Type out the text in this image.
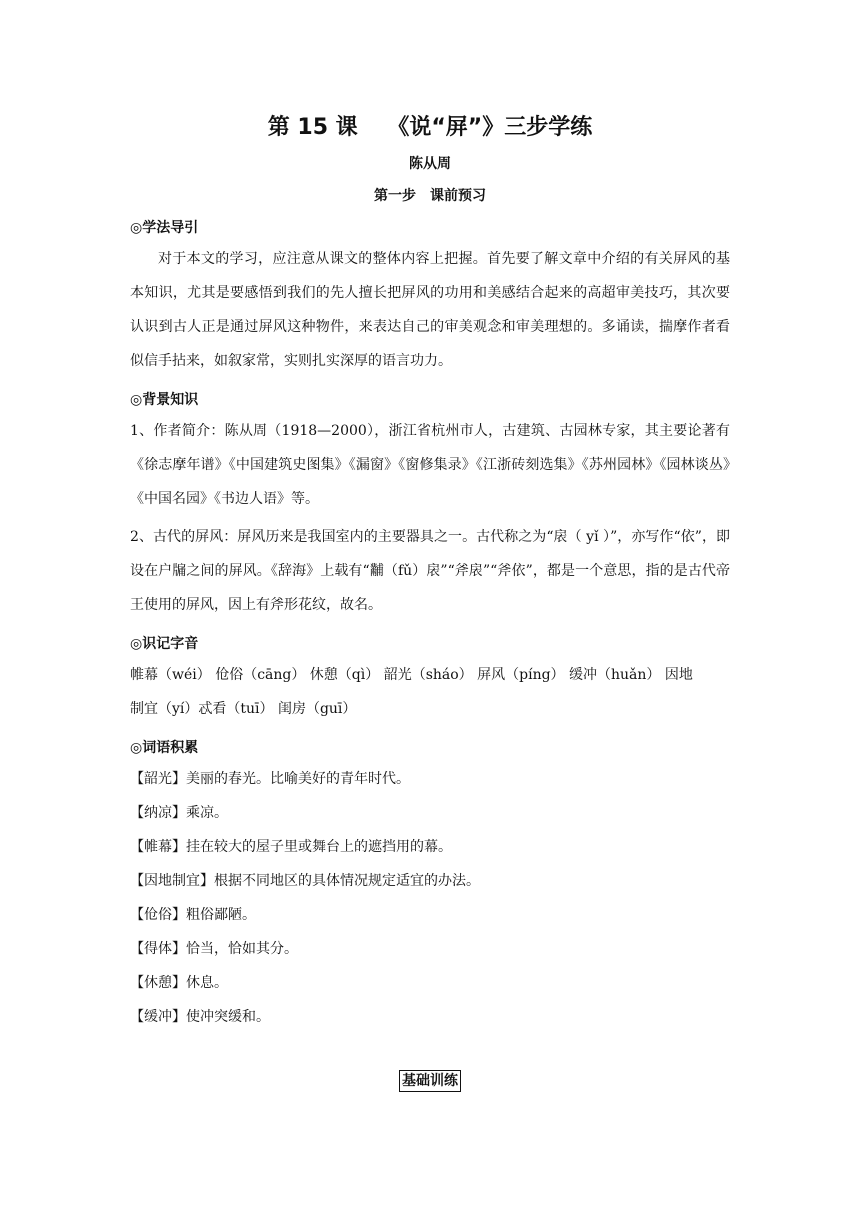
第 15 课　 《说“屏”》三步学练
陈从周
第一步　课前预习
◎学法导引
对于本文的学习，应注意从课文的整体内容上把握。首先要了解文章中介绍的有关屏风的基本知识，尤其是要感悟到我们的先人擅长把屏风的功用和美感结合起来的高超审美技巧，其次要认识到古人正是通过屏风这种物件，来表达自己的审美观念和审美理想的。多诵读，揣摩作者看似信手拈来，如叙家常，实则扎实深厚的语言功力。
◎背景知识
1、作者简介：陈从周（1918—2000），浙江省杭州市人，古建筑、古园林专家，其主要论著有《徐志摩年谱》《中国建筑史图集》《漏窗》《窗修集录》《江浙砖刻选集》《苏州园林》《园林谈丛》《中国名园》《书边人语》等。
2、古代的屏风：屏风历来是我国室内的主要器具之一。古代称之为“扆（ yǐ ）”，亦写作“依”，即设在户牖之间的屏风。《辞海》上载有“黼（fǔ）扆”“斧扆”“斧依”，都是一个意思，指的是古代帝王使用的屏风，因上有斧形花纹，故名。
◎识记字音
帷幕（wéi） 伧俗（cāng） 休憩（qì） 韶光（sháo） 屏风（píng） 缓冲（huǎn） 因地
制宜（yí）忒看（tuī） 闺房（guī）
◎词语积累
【韶光】美丽的春光。比喻美好的青年时代。
【纳凉】乘凉。
【帷幕】挂在较大的屋子里或舞台上的遮挡用的幕。
【因地制宜】根据不同地区的具体情况规定适宜的办法。
【伧俗】粗俗鄙陋。
【得体】恰当，恰如其分。
【休憩】休息。
【缓冲】使冲突缓和。
基础训练
